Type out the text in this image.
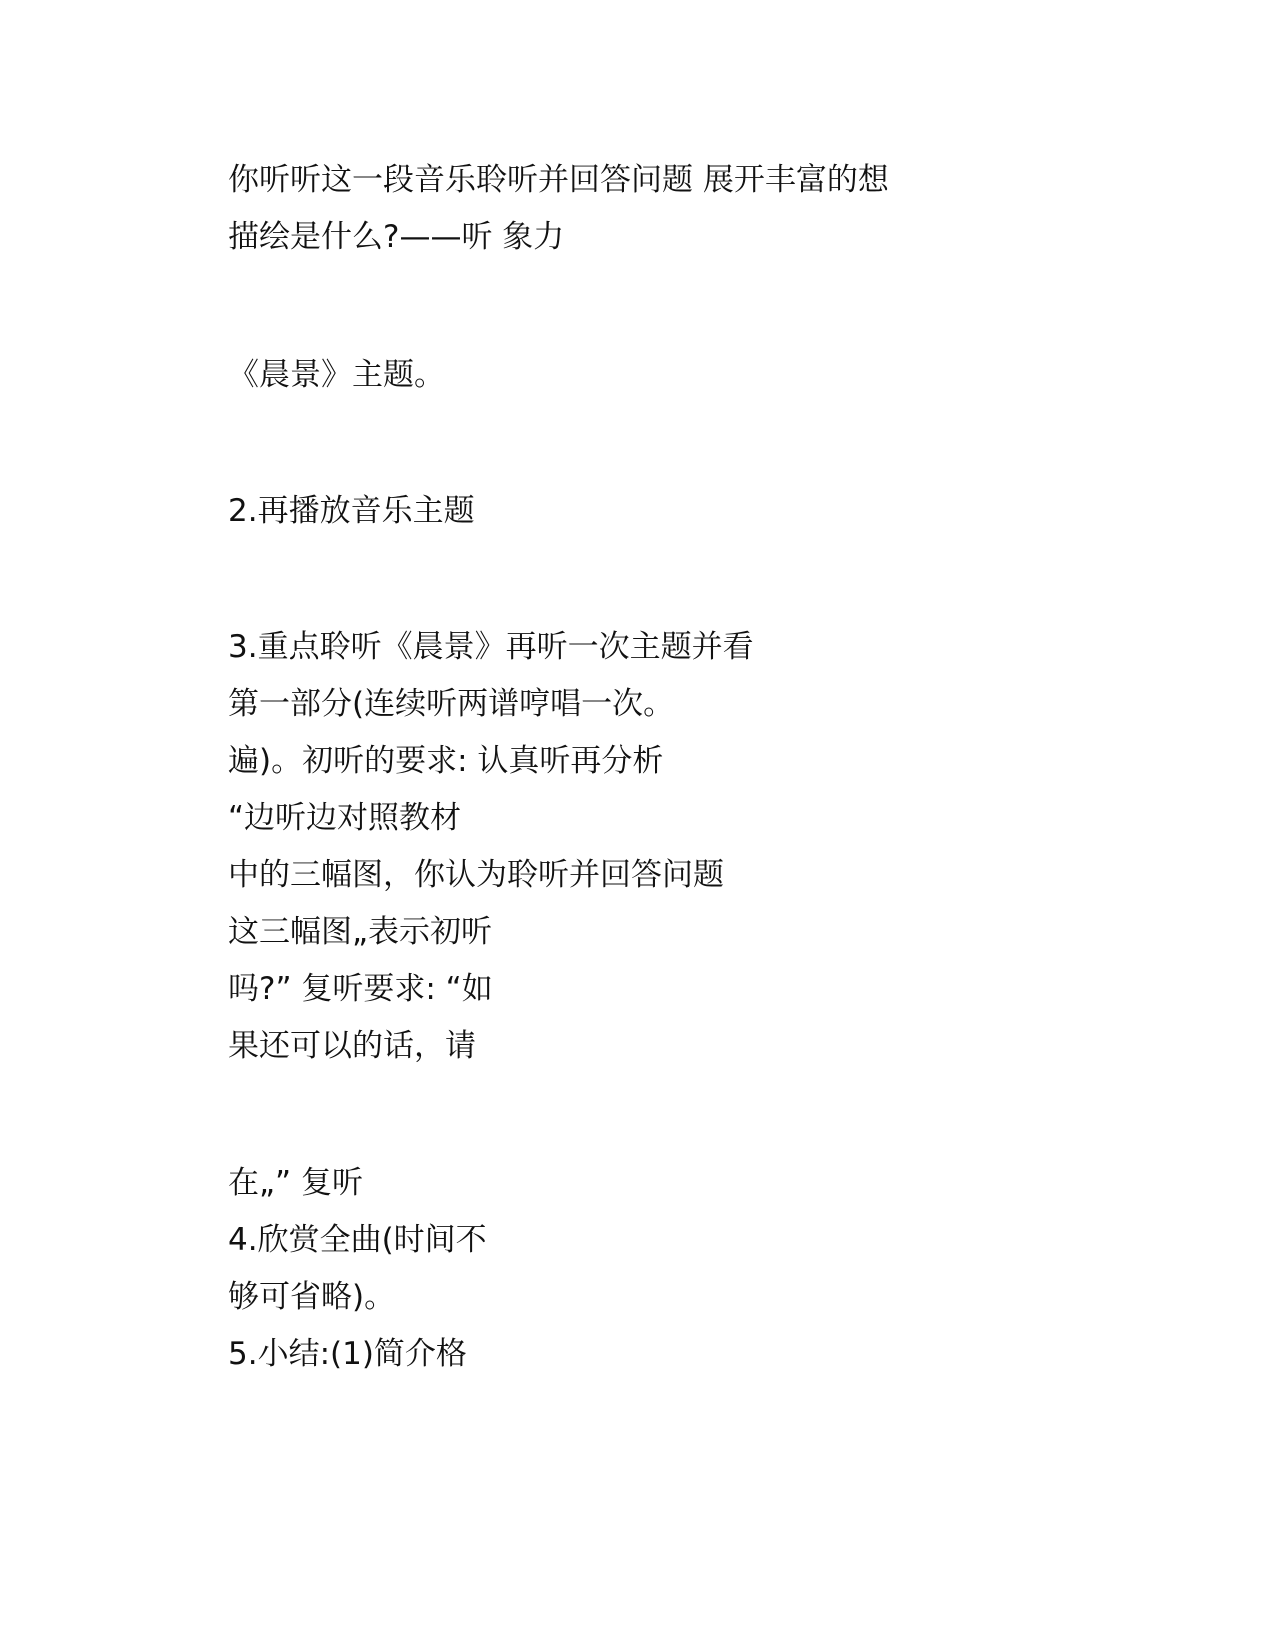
你听听这一段音乐聆听并回答问题 展开丰富的想
描绘是什么?——听 象力
《晨景》主题。
2.再播放音乐主题
3.重点聆听《晨景》再听一次主题并看
第一部分(连续听两谱哼唱一次。
遍)。初听的要求: 认真听再分析
“边听边对照教材
中的三幅图，你认为聆听并回答问题
这三幅图„表示初听
吗?” 复听要求: “如
果还可以的话，请
在„” 复听
4.欣赏全曲(时间不
够可省略)。
5.小结:(1)简介格
